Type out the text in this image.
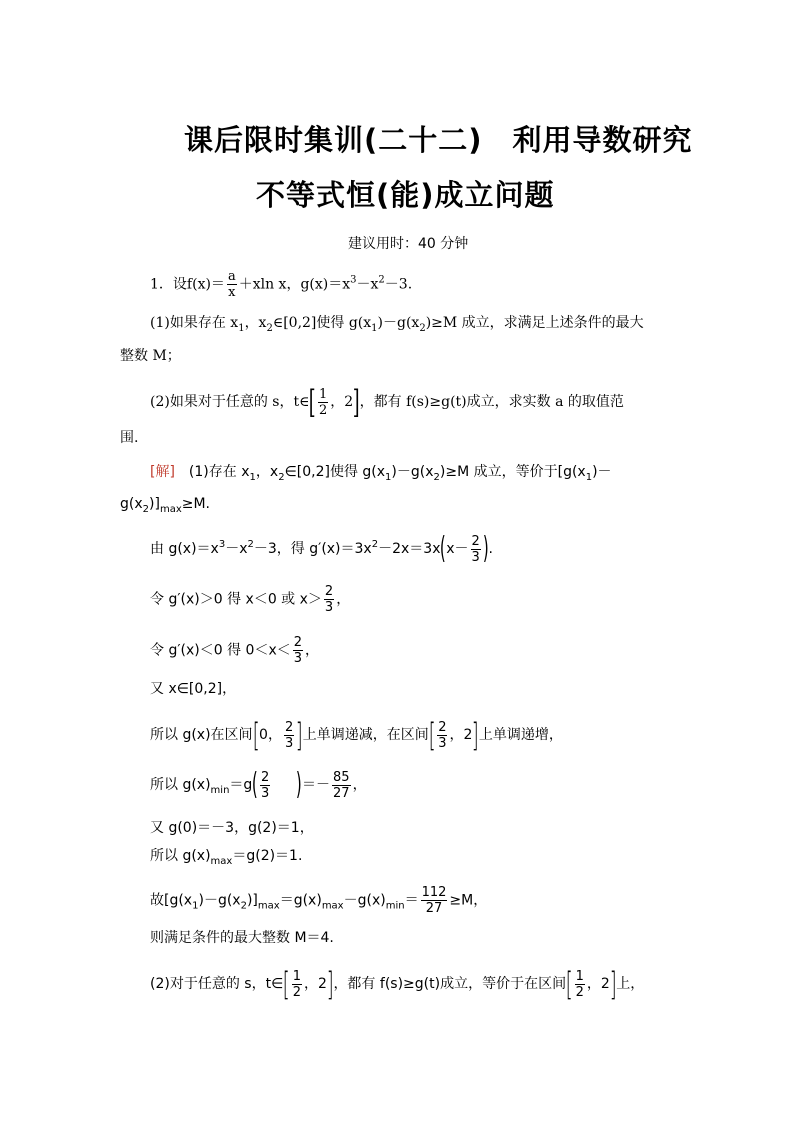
课后限时集训(二十二)　利用导数研究
不等式恒(能)成立问题
建议用时：40 分钟
1．设$f(x)= \frac{a}{x} +xln$ x，$g(x)=x^3-x^2-3$.
(1)如果存在 $x_1$，$x_2\in[0,2]$使得 $g(x_1)-g(x_2)\ge M$ 成立，求满足上述条件的最大
整数 M；
(2)如果对于任意的 s，t∈[ $\frac{1}{2}$ ，2]，都有 f(s)≥g(t)成立，求实数 a 的取值范
围.
[解]　(1)存在 $x_1$，$x_2\in[0,2]$使得 $g(x_1)-g(x_2)\ge M$ 成立，等价于[$g(x_1)-$
$g(x_2)]_{max}\ge M$.
由 $g(x)=x^3-x^2-3$，得 $g'(x)=3x^2-2x=3x(x- \frac{2}{3}$ ).
令 g′(x)＞0 得 x＜0 或 $x> \frac{2}{3}$ ，
令 g′(x)＜0 得 $0<x< \frac{2}{3}$ ，
又 x∈[0,2]，
所以 g(x)在区间[0， $\frac{2}{3}$ ]上单调递减，在区间[ $\frac{2}{3}$ ，2]上单调递增，
所以 $g(x)_{min}=g( \frac{2}{3}$ )＝－ $\frac{85}{27}$ ，
又 g(0)＝－3，g(2)＝1，
所以 $g(x)_{max}=g(2)=1$.
故$[g(x_1)-g(x_2)]_{max}=g(x)_{max}-g(x)_{min}= \frac{112}{27} \ge M$，
则满足条件的最大整数 M＝4.
(2)对于任意的 s，t∈[ $\frac{1}{2}$ ，2]，都有 f(s)≥g(t)成立，等价于在区间[ $\frac{1}{2}$ ，2]上，
